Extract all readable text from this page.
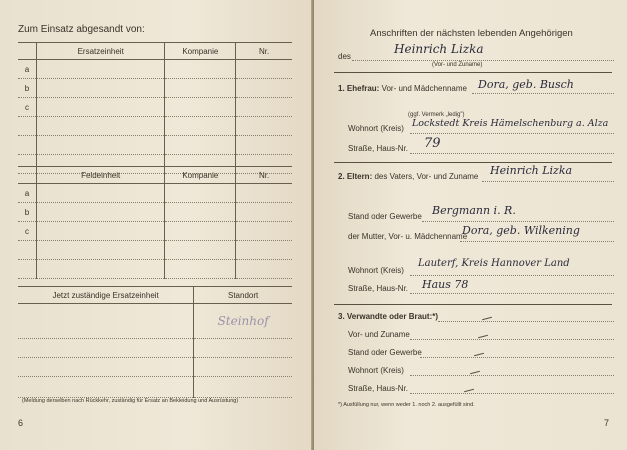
Zum Einsatz abgesandt von:
	Ersatzeinheit	Kompanie	Nr.
a			
b			
c			

	Feldeinheit	Kompanie	Nr.
a			
b			
c			

Jetzt zuständige Ersatzeinheit	Standort
	Steinhof

(Meldung derselben nach Rückkehr, zuständig für Ersatz an Bekleidung und Ausrüstung)
6
Anschriften der nächsten lebenden Angehörigen
des
Heinrich Lizka
(Vor- und Zuname)
1. Ehefrau: Vor- und Mädchenname Dora, geb. Busch
(ggf. Vermerk „ledig")
Wohnort (Kreis) Lockstedt Kreis Hämelschenburg a. Alza
Straße, Haus-Nr. 79
2. Eltern: des Vaters, Vor- und Zuname Heinrich Lizka
Stand oder Gewerbe Bergmann i. R.
der Mutter, Vor- u. Mädchenname
Dora, geb. Wilkening
Wohnort (Kreis)
Lauterf, Kreis Hannover Land
Straße, Haus-Nr. Haus 78
3. Verwandte oder Braut:*)
Vor- und Zuname
Stand oder Gewerbe
Wohnort (Kreis)
Straße, Haus-Nr.
*) Ausfüllung nur, wenn weder 1. noch 2. ausgefüllt sind.
7
